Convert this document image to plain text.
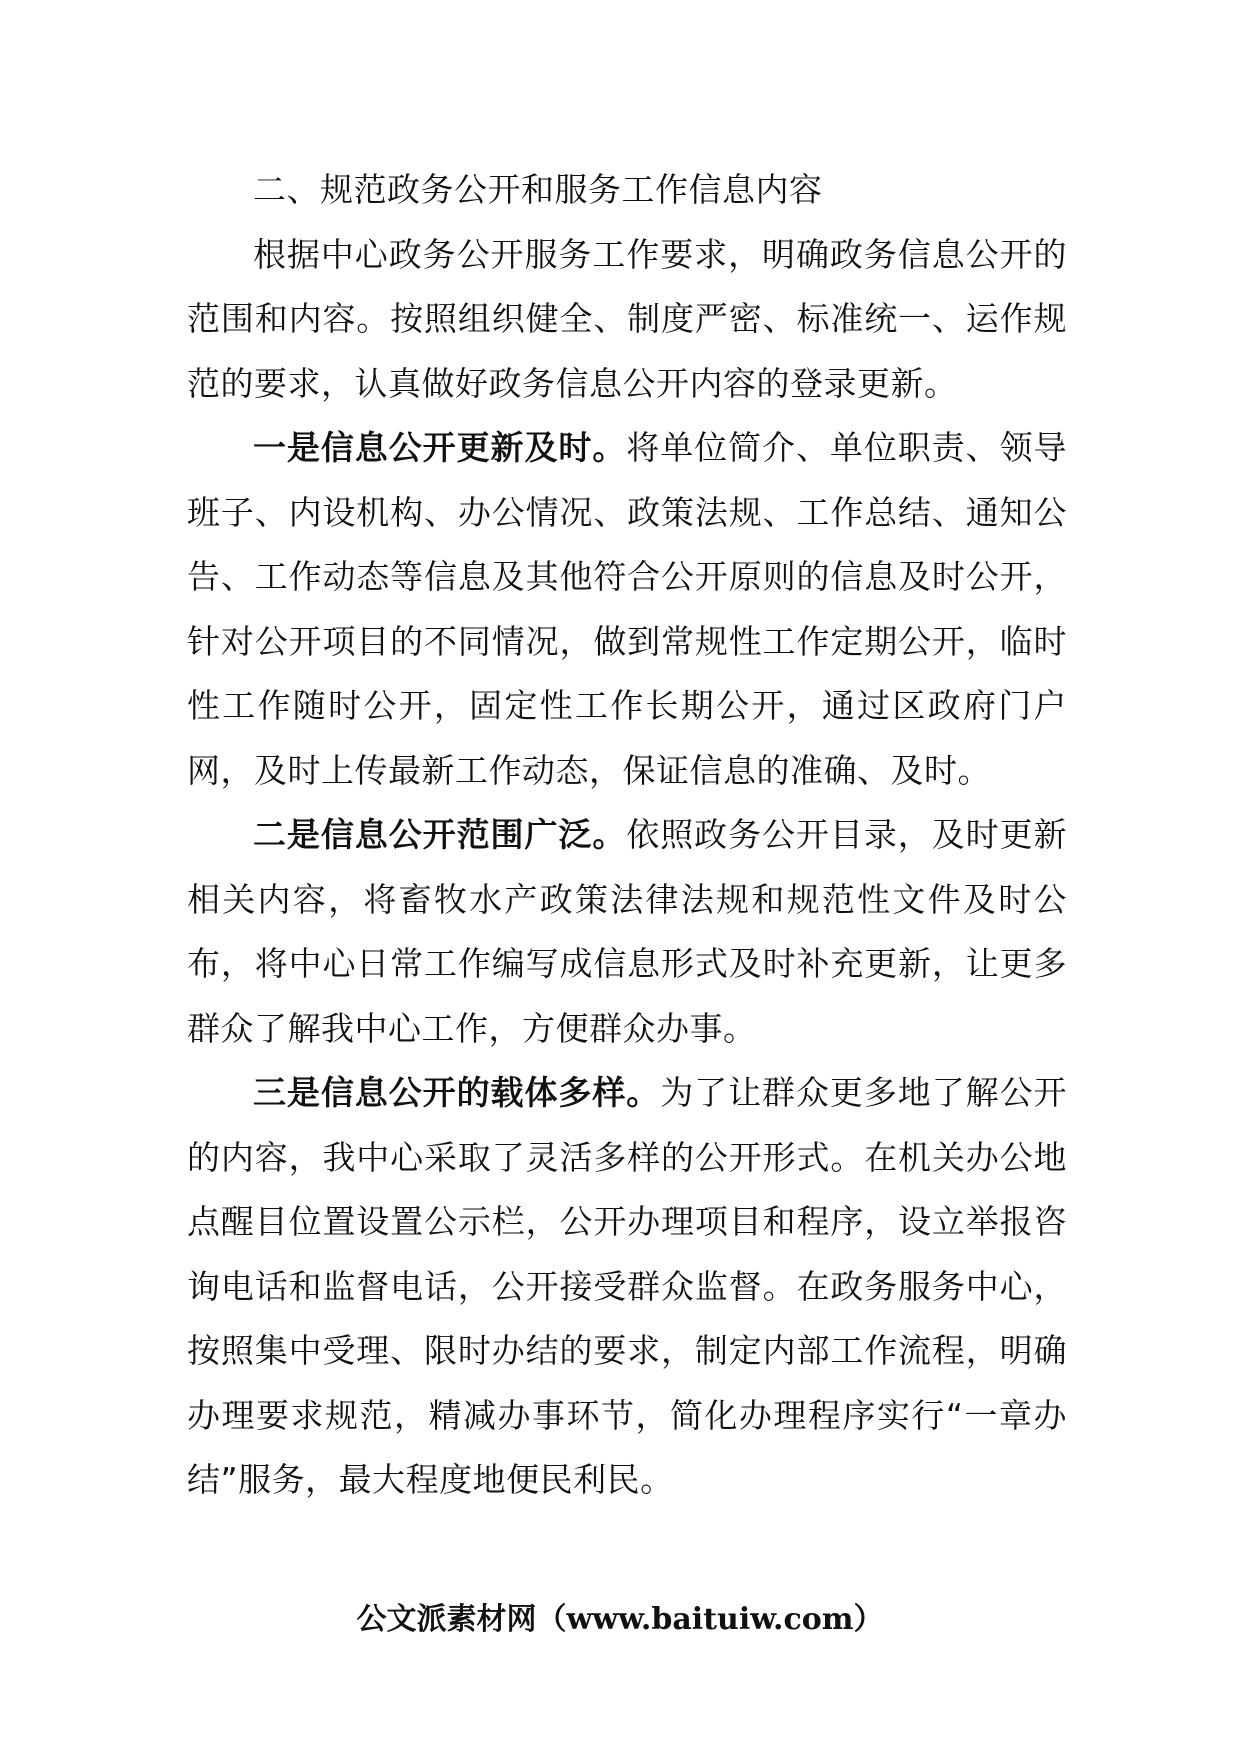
二、规范政务公开和服务工作信息内容

根据中心政务公开服务工作要求，明确政务信息公开的范围和内容。按照组织健全、制度严密、标准统一、运作规范的要求，认真做好政务信息公开内容的登录更新。

一是信息公开更新及时。将单位简介、单位职责、领导班子、内设机构、办公情况、政策法规、工作总结、通知公告、工作动态等信息及其他符合公开原则的信息及时公开，针对公开项目的不同情况，做到常规性工作定期公开，临时性工作随时公开，固定性工作长期公开，通过区政府门户网，及时上传最新工作动态，保证信息的准确、及时。

二是信息公开范围广泛。依照政务公开目录，及时更新相关内容，将畜牧水产政策法律法规和规范性文件及时公布，将中心日常工作编写成信息形式及时补充更新，让更多群众了解我中心工作，方便群众办事。

三是信息公开的载体多样。为了让群众更多地了解公开的内容，我中心采取了灵活多样的公开形式。在机关办公地点醒目位置设置公示栏，公开办理项目和程序，设立举报咨询电话和监督电话，公开接受群众监督。在政务服务中心，按照集中受理、限时办结的要求，制定内部工作流程，明确办理要求规范，精减办事环节，简化办理程序实行“一章办结”服务，最大程度地便民利民。

公文派素材网（www.baituiw.com）
